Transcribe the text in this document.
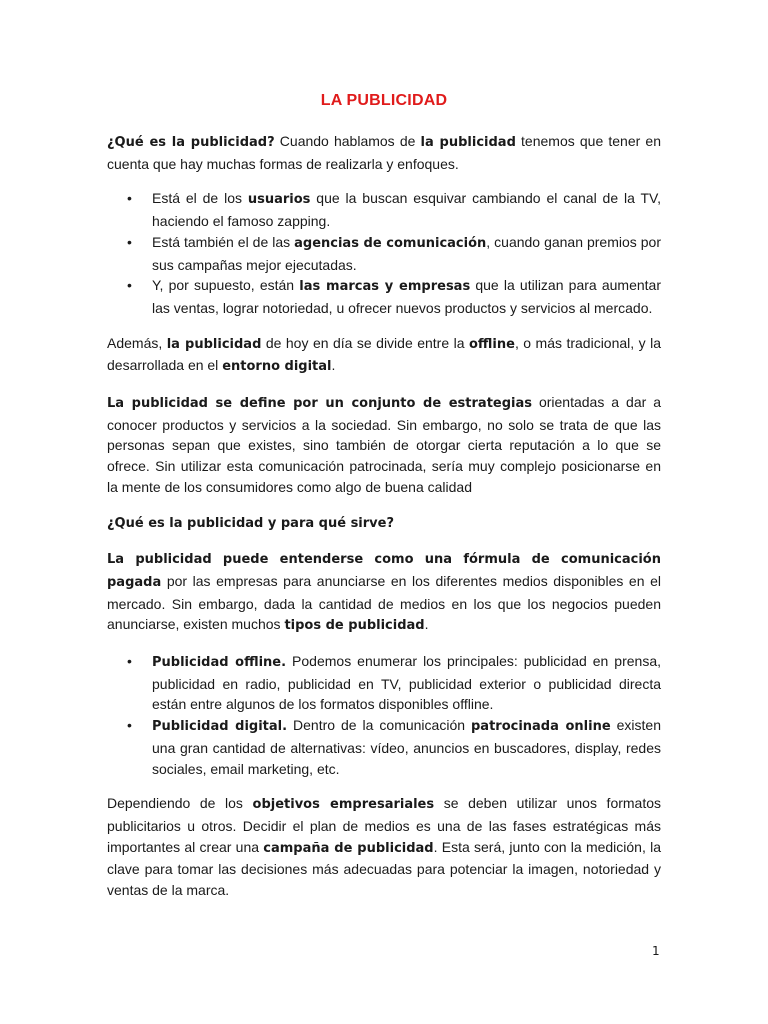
LA PUBLICIDAD

¿Qué es la publicidad? Cuando hablamos de la publicidad tenemos que tener en cuenta que hay muchas formas de realizarla y enfoques.

• Está el de los usuarios que la buscan esquivar cambiando el canal de la TV, haciendo el famoso zapping.
• Está también el de las agencias de comunicación, cuando ganan premios por sus campañas mejor ejecutadas.
• Y, por supuesto, están las marcas y empresas que la utilizan para aumentar las ventas, lograr notoriedad, u ofrecer nuevos productos y servicios al mercado.

Además, la publicidad de hoy en día se divide entre la offline, o más tradicional, y la desarrollada en el entorno digital.

La publicidad se define por un conjunto de estrategias orientadas a dar a conocer productos y servicios a la sociedad. Sin embargo, no solo se trata de que las personas sepan que existes, sino también de otorgar cierta reputación a lo que se ofrece. Sin utilizar esta comunicación patrocinada, sería muy complejo posicionarse en la mente de los consumidores como algo de buena calidad

¿Qué es la publicidad y para qué sirve?

La publicidad puede entenderse como una fórmula de comunicación pagada por las empresas para anunciarse en los diferentes medios disponibles en el mercado. Sin embargo, dada la cantidad de medios en los que los negocios pueden anunciarse, existen muchos tipos de publicidad.

• Publicidad offline. Podemos enumerar los principales: publicidad en prensa, publicidad en radio, publicidad en TV, publicidad exterior o publicidad directa están entre algunos de los formatos disponibles offline.
• Publicidad digital. Dentro de la comunicación patrocinada online existen una gran cantidad de alternativas: vídeo, anuncios en buscadores, display, redes sociales, email marketing, etc.

Dependiendo de los objetivos empresariales se deben utilizar unos formatos publicitarios u otros. Decidir el plan de medios es una de las fases estratégicas más importantes al crear una campaña de publicidad. Esta será, junto con la medición, la clave para tomar las decisiones más adecuadas para potenciar la imagen, notoriedad y ventas de la marca.

1
